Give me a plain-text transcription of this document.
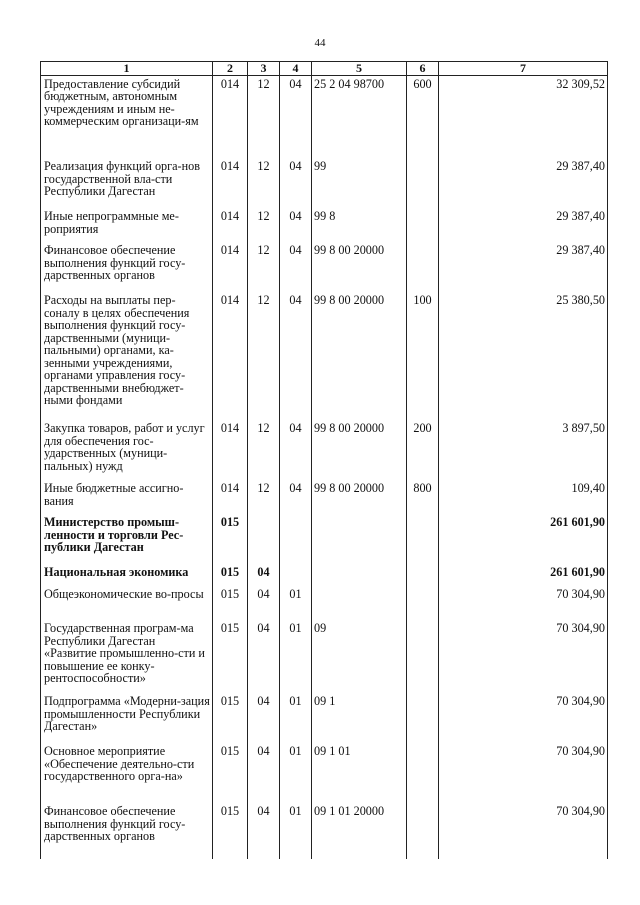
44
1	2	3	4	5	6	7
Предоставление субсидий бюджетным, автономным учреждениям и иным не-коммерческим организаци-ям	014	12	04	25 2 04 98700	600	32 309,52
Реализация функций орга-нов государственной вла-сти Республики Дагестан	014	12	04	99		29 387,40
Иные непрограммные ме-роприятия	014	12	04	99 8		29 387,40
Финансовое обеспечение выполнения функций госу-дарственных органов	014	12	04	99 8 00 20000		29 387,40
Расходы на выплаты пер-соналу в целях обеспечения выполнения функций госу-дарственными (муници-пальными) органами, ка-зенными учреждениями, органами управления госу-дарственными внебюджет-ными фондами	014	12	04	99 8 00 20000	100	25 380,50
Закупка товаров, работ и услуг для обеспечения гос-ударственных (муници-пальных) нужд	014	12	04	99 8 00 20000	200	3 897,50
Иные бюджетные ассигно-вания	014	12	04	99 8 00 20000	800	109,40
Министерство промыш-ленности и торговли Рес-публики Дагестан	015					261 601,90
Национальная экономика	015	04				261 601,90
Общеэкономические во-просы	015	04	01			70 304,90
Государственная програм-ма Республики Дагестан «Развитие промышленно-сти и повышение ее конку-рентоспособности»	015	04	01	09		70 304,90
Подпрограмма «Модерни-зация промышленности Республики Дагестан»	015	04	01	09 1		70 304,90
Основное мероприятие «Обеспечение деятельно-сти государственного орга-на»	015	04	01	09 1 01		70 304,90
Финансовое обеспечение выполнения функций госу-дарственных органов	015	04	01	09 1 01 20000		70 304,90
